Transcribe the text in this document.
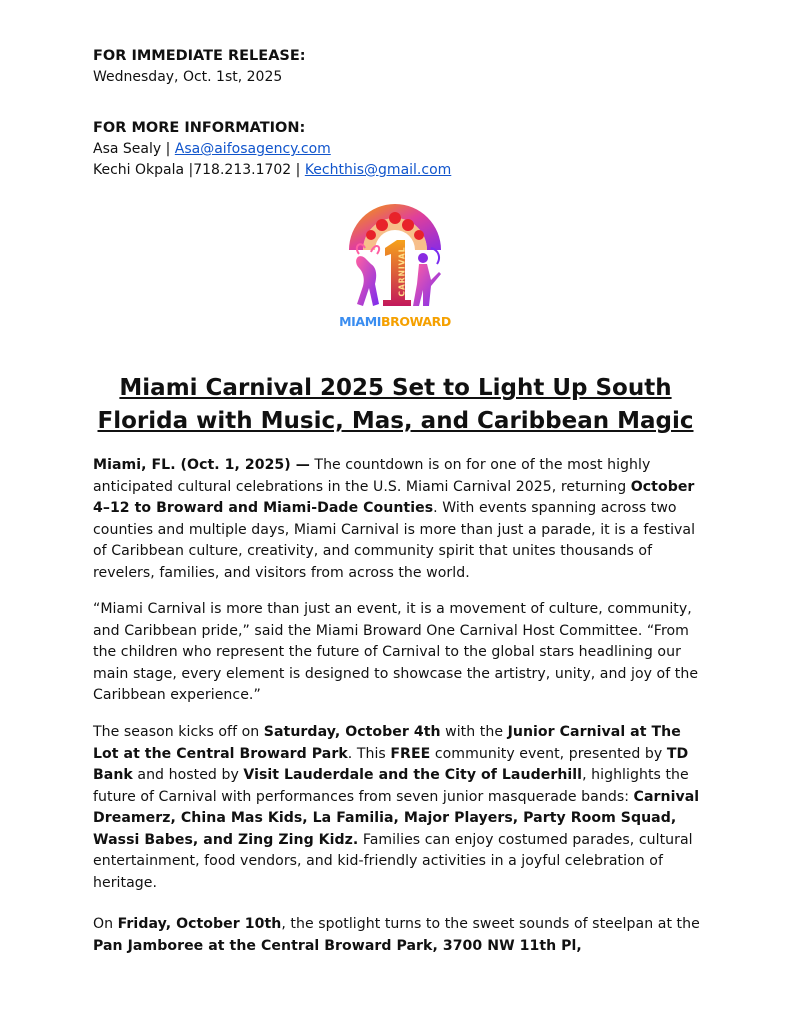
FOR IMMEDIATE RELEASE:
Wednesday, Oct. 1st, 2025
FOR MORE INFORMATION:
Asa Sealy | Asa@aifosagency.com
Kechi Okpala |718.213.1702 | Kechthis@gmail.com
CARNIVAL
MIAMIBROWARD
Miami Carnival 2025 Set to Light Up South
Florida with Music, Mas, and Caribbean Magic
Miami, FL. (Oct. 1, 2025) — The countdown is on for one of the most highly anticipated cultural celebrations in the U.S. Miami Carnival 2025, returning October 4–12 to Broward and Miami-Dade Counties. With events spanning across two counties and multiple days, Miami Carnival is more than just a parade, it is a festival of Caribbean culture, creativity, and community spirit that unites thousands of revelers, families, and visitors from across the world.
“Miami Carnival is more than just an event, it is a movement of culture, community, and Caribbean pride,” said the Miami Broward One Carnival Host Committee. “From the children who represent the future of Carnival to the global stars headlining our main stage, every element is designed to showcase the artistry, unity, and joy of the Caribbean experience.”
The season kicks off on Saturday, October 4th with the Junior Carnival at The Lot at the Central Broward Park. This FREE community event, presented by TD Bank and hosted by Visit Lauderdale and the City of Lauderhill, highlights the future of Carnival with performances from seven junior masquerade bands: Carnival Dreamerz, China Mas Kids, La Familia, Major Players, Party Room Squad, Wassi Babes, and Zing Zing Kidz. Families can enjoy costumed parades, cultural entertainment, food vendors, and kid-friendly activities in a joyful celebration of heritage.
On Friday, October 10th, the spotlight turns to the sweet sounds of steelpan at the Pan Jamboree at the Central Broward Park, 3700 NW 11th Pl,
